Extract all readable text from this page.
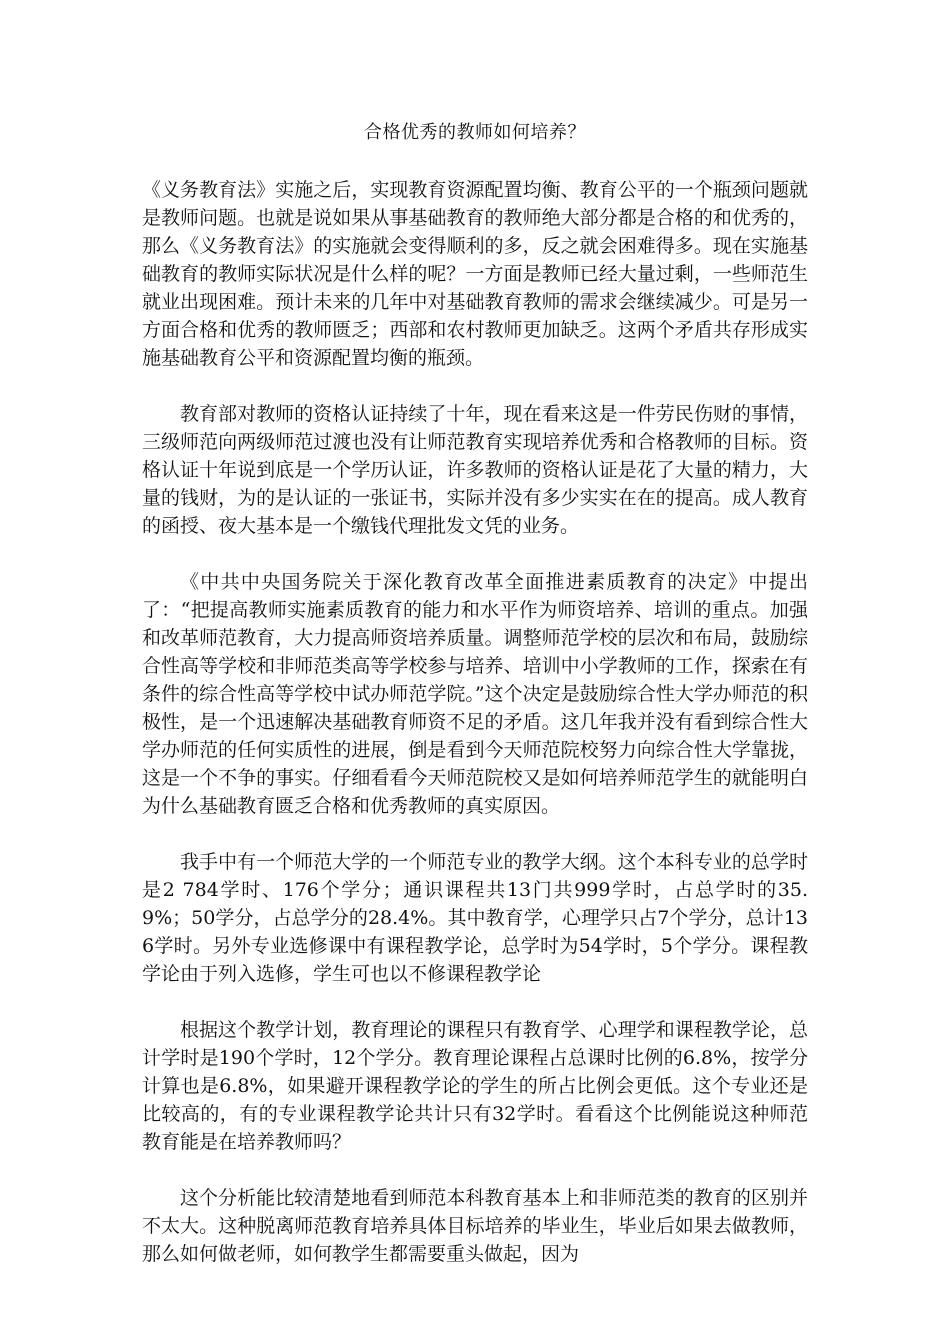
合格优秀的教师如何培养？

《义务教育法》实施之后，实现教育资源配置均衡、教育公平的一个瓶颈问题就是教师问题。也就是说如果从事基础教育的教师绝大部分都是合格的和优秀的，那么《义务教育法》的实施就会变得顺利的多，反之就会困难得多。现在实施基础教育的教师实际状况是什么样的呢？一方面是教师已经大量过剩，一些师范生就业出现困难。预计未来的几年中对基础教育教师的需求会继续减少。可是另一方面合格和优秀的教师匮乏；西部和农村教师更加缺乏。这两个矛盾共存形成实施基础教育公平和资源配置均衡的瓶颈。

教育部对教师的资格认证持续了十年，现在看来这是一件劳民伤财的事情，三级师范向两级师范过渡也没有让师范教育实现培养优秀和合格教师的目标。资格认证十年说到底是一个学历认证，许多教师的资格认证是花了大量的精力，大量的钱财，为的是认证的一张证书，实际并没有多少实实在在的提高。成人教育的函授、夜大基本是一个缴钱代理批发文凭的业务。

《中共中央国务院关于深化教育改革全面推进素质教育的决定》中提出了：“把提高教师实施素质教育的能力和水平作为师资培养、培训的重点。加强和改革师范教育，大力提高师资培养质量。调整师范学校的层次和布局，鼓励综合性高等学校和非师范类高等学校参与培养、培训中小学教师的工作，探索在有条件的综合性高等学校中试办师范学院。”这个决定是鼓励综合性大学办师范的积极性，是一个迅速解决基础教育师资不足的矛盾。这几年我并没有看到综合性大学办师范的任何实质性的进展，倒是看到今天师范院校努力向综合性大学靠拢，这是一个不争的事实。仔细看看今天师范院校又是如何培养师范学生的就能明白为什么基础教育匮乏合格和优秀教师的真实原因。

我手中有一个师范大学的一个师范专业的教学大纲。这个本科专业的总学时是2 784学时、176个学分；通识课程共13门共999学时，占总学时的35.9%；50学分，占总学分的28.4%。其中教育学，心理学只占7个学分，总计136学时。另外专业选修课中有课程教学论，总学时为54学时，5个学分。课程教学论由于列入选修，学生可也以不修课程教学论

根据这个教学计划，教育理论的课程只有教育学、心理学和课程教学论，总计学时是190个学时，12个学分。教育理论课程占总课时比例的6.8%，按学分计算也是6.8%，如果避开课程教学论的学生的所占比例会更低。这个专业还是比较高的，有的专业课程教学论共计只有32学时。看看这个比例能说这种师范教育能是在培养教师吗？

这个分析能比较清楚地看到师范本科教育基本上和非师范类的教育的区别并不太大。这种脱离师范教育培养具体目标培养的毕业生，毕业后如果去做教师，那么如何做老师，如何教学生都需要重头做起，因为
